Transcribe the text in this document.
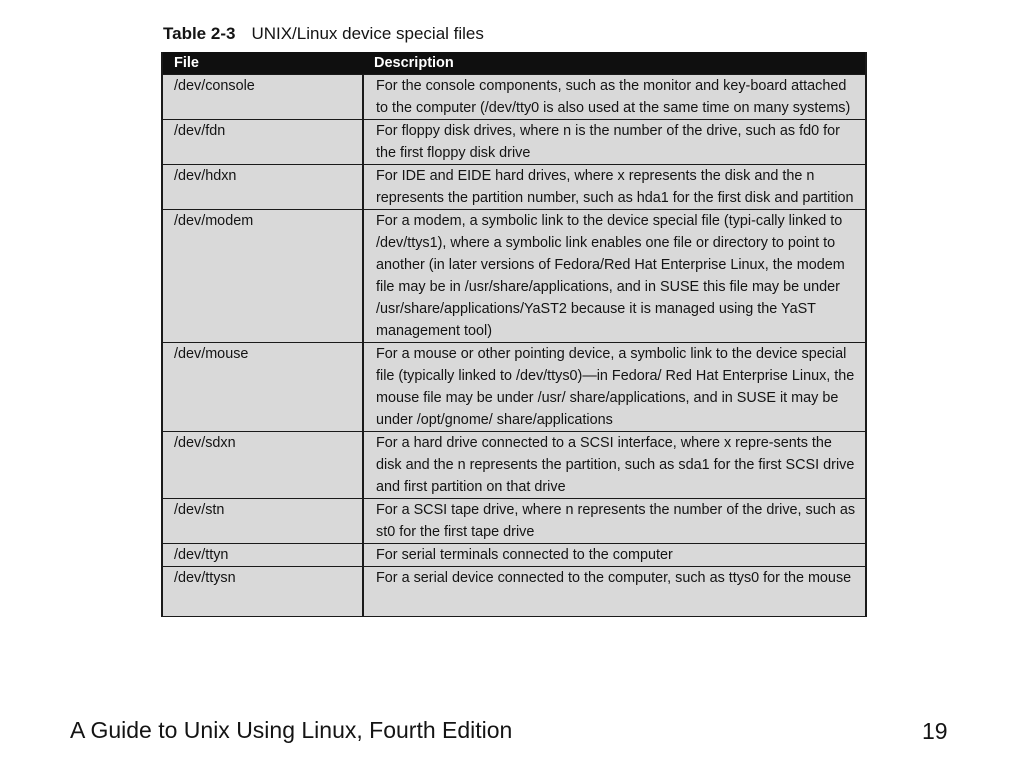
Table 2-3 UNIX/Linux device special files
File	Description
/dev/console	For the console components, such as the monitor and key-board attached to the computer (/dev/tty0 is also used at the same time on many systems)
/dev/fdn	For floppy disk drives, where n is the number of the drive, such as fd0 for the first floppy disk drive
/dev/hdxn	For IDE and EIDE hard drives, where x represents the disk and the n represents the partition number, such as hda1 for the first disk and partition
/dev/modem	For a modem, a symbolic link to the device special file (typi-cally linked to /dev/ttys1), where a symbolic link enables one file or directory to point to another (in later versions of Fedora/Red Hat Enterprise Linux, the modem file may be in /usr/share/applications, and in SUSE this file may be under /usr/share/applications/YaST2 because it is managed using the YaST management tool)
/dev/mouse	For a mouse or other pointing device, a symbolic link to the device special file (typically linked to /dev/ttys0)—in Fedora/ Red Hat Enterprise Linux, the mouse file may be under /usr/ share/applications, and in SUSE it may be under /opt/gnome/ share/applications
/dev/sdxn	For a hard drive connected to a SCSI interface, where x repre-sents the disk and the n represents the partition, such as sda1 for the first SCSI drive and first partition on that drive
/dev/stn	For a SCSI tape drive, where n represents the number of the drive, such as st0 for the first tape drive
/dev/ttyn	For serial terminals connected to the computer
/dev/ttysn	For a serial device connected to the computer, such as ttys0 for the mouse
A Guide to Unix Using Linux, Fourth Edition	19
